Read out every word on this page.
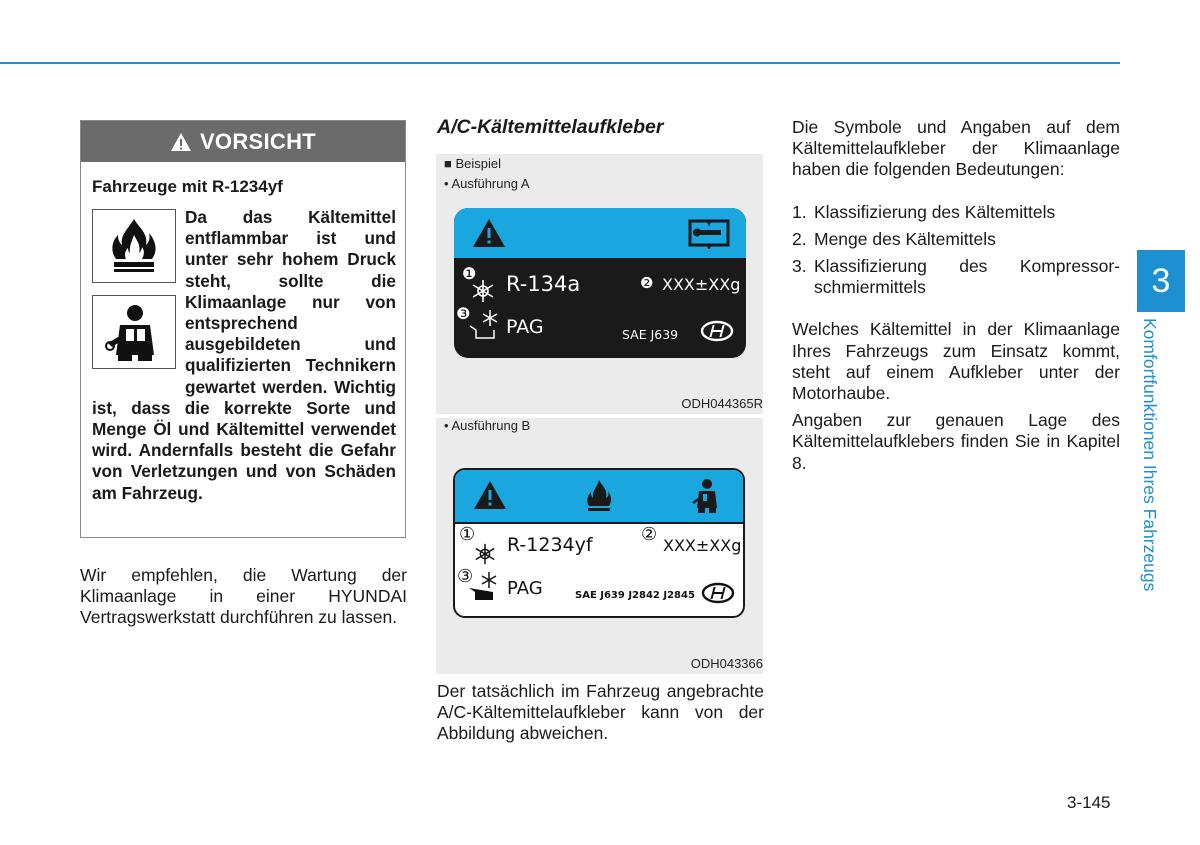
VORSICHT
Fahrzeuge mit R-1234yf

Da das Kältemittel entflammbar ist und unter sehr hohem Druck steht, sollte die Klimaanlage nur von entsprechend ausgebildeten und qualifizierten Technikern gewartet werden. Wichtig ist, dass die korrekte Sorte und Menge Öl und Kältemittel verwendet wird. Andernfalls besteht die Gefahr von Verletzungen und von Schäden am Fahrzeug.

Wir empfehlen, die Wartung der Klimaanlage in einer HYUNDAI Vertragswerkstatt durchführen zu lassen.

A/C-Kältemittelaufkleber
■ Beispiel
• Ausführung A
❶ R-134a	❷ XXX±XXg
❸
PAG	SAE J639
ODH044365R
• Ausführung B
① R-1234yf	②
XXX±XXg
③
PAG	SAE J639 J2842 J2845
ODH043366

Der tatsächlich im Fahrzeug angebrachte A/C-Kältemittelaufkleber kann von der Abbildung abweichen.

Die Symbole und Angaben auf dem Kältemittelaufkleber der Klimaanlage haben die folgenden Bedeutungen:

1. Klassifizierung des Kältemittels
2. Menge des Kältemittels
3. Klassifizierung des Kompressor-schmiermittels

Welches Kältemittel in der Klimaanlage Ihres Fahrzeugs zum Einsatz kommt, steht auf einem Aufkleber unter der Motorhaube.

Angaben zur genauen Lage des Kältemittelaufklebers finden Sie in Kapitel 8.

3
Komfortfunktionen Ihres Fahrzeugs
3-145
